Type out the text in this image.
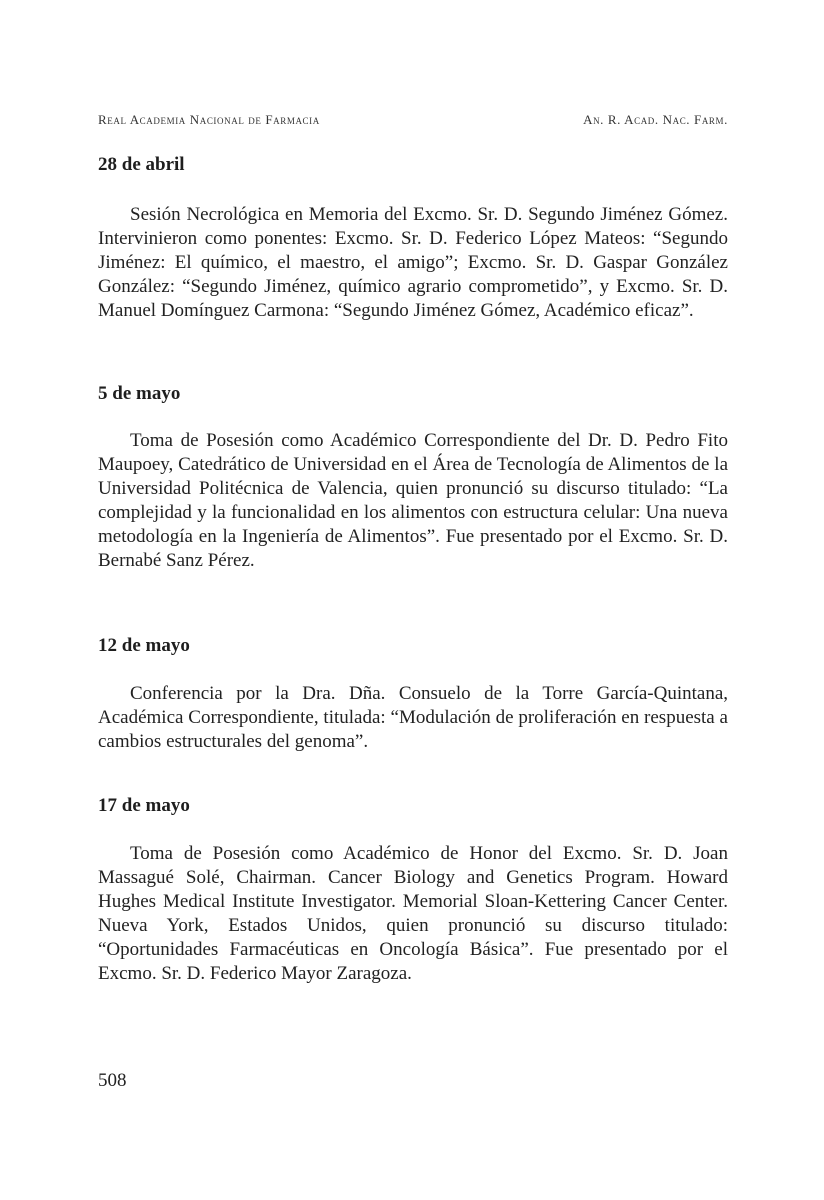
Real Academia Nacional de Farmacia	An. R. Acad. Nac. Farm.
28 de abril

Sesión Necrológica en Memoria del Excmo. Sr. D. Segundo Jiménez Gómez. Intervinieron como ponentes: Excmo. Sr. D. Federico López Mateos: “Segundo Jiménez: El químico, el maestro, el amigo”; Excmo. Sr. D. Gaspar González González: “Segundo Jiménez, químico agrario comprometido”, y Excmo. Sr. D. Manuel Domínguez Carmona: “Segundo Jiménez Gómez, Académico eficaz”.

5 de mayo

Toma de Posesión como Académico Correspondiente del Dr. D. Pedro Fito Maupoey, Catedrático de Universidad en el Área de Tecnología de Alimentos de la Universidad Politécnica de Valencia, quien pronunció su discurso titulado: “La complejidad y la funcionalidad en los alimentos con estructura celular: Una nueva metodología en la Ingeniería de Alimentos”. Fue presentado por el Excmo. Sr. D. Bernabé Sanz Pérez.

12 de mayo

Conferencia por la Dra. Dña. Consuelo de la Torre García-Quintana, Académica Correspondiente, titulada: “Modulación de proliferación en respuesta a cambios estructurales del genoma”.

17 de mayo

Toma de Posesión como Académico de Honor del Excmo. Sr. D. Joan Massagué Solé, Chairman. Cancer Biology and Genetics Program. Howard Hughes Medical Institute Investigator. Memorial Sloan-Kettering Cancer Center. Nueva York, Estados Unidos, quien pronunció su discurso titulado: “Oportunidades Farmacéuticas en Oncología Básica”. Fue presentado por el Excmo. Sr. D. Federico Mayor Zaragoza.

508
